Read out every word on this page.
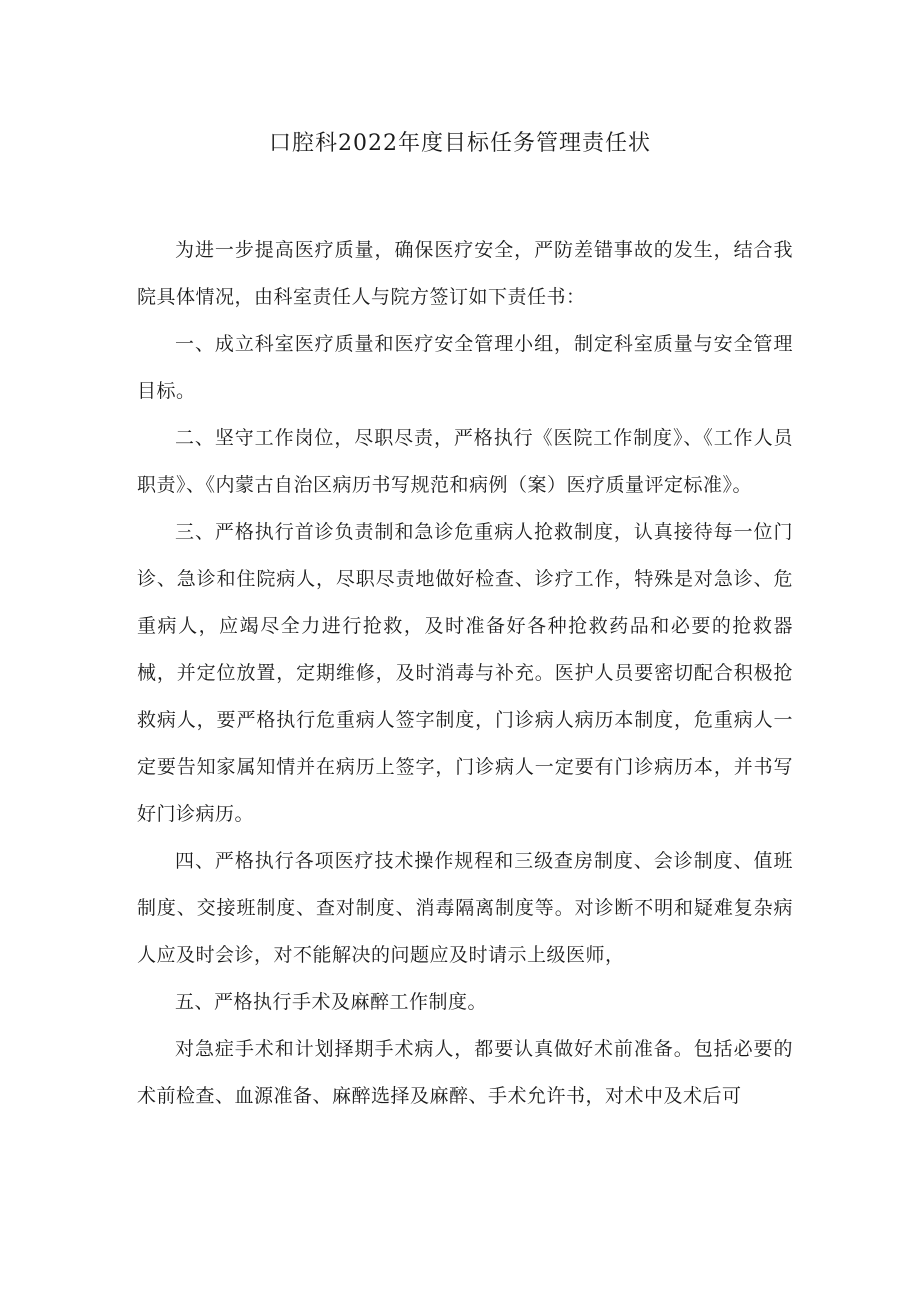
口腔科2022年度目标任务管理责任状

为进一步提高医疗质量，确保医疗安全，严防差错事故的发生，结合我院具体情况，由科室责任人与院方签订如下责任书：

一、成立科室医疗质量和医疗安全管理小组，制定科室质量与安全管理目标。

二、坚守工作岗位，尽职尽责，严格执行《医院工作制度》、《工作人员职责》、《内蒙古自治区病历书写规范和病例（案）医疗质量评定标准》。

三、严格执行首诊负责制和急诊危重病人抢救制度，认真接待每一位门诊、急诊和住院病人，尽职尽责地做好检查、诊疗工作，特殊是对急诊、危重病人，应竭尽全力进行抢救，及时准备好各种抢救药品和必要的抢救器械，并定位放置，定期维修，及时消毒与补充。医护人员要密切配合积极抢救病人，要严格执行危重病人签字制度，门诊病人病历本制度，危重病人一定要告知家属知情并在病历上签字，门诊病人一定要有门诊病历本，并书写好门诊病历。

四、严格执行各项医疗技术操作规程和三级查房制度、会诊制度、值班制度、交接班制度、查对制度、消毒隔离制度等。对诊断不明和疑难复杂病人应及时会诊，对不能解决的问题应及时请示上级医师，

五、严格执行手术及麻醉工作制度。

对急症手术和计划择期手术病人，都要认真做好术前准备。包括必要的术前检查、血源准备、麻醉选择及麻醉、手术允许书，对术中及术后可
